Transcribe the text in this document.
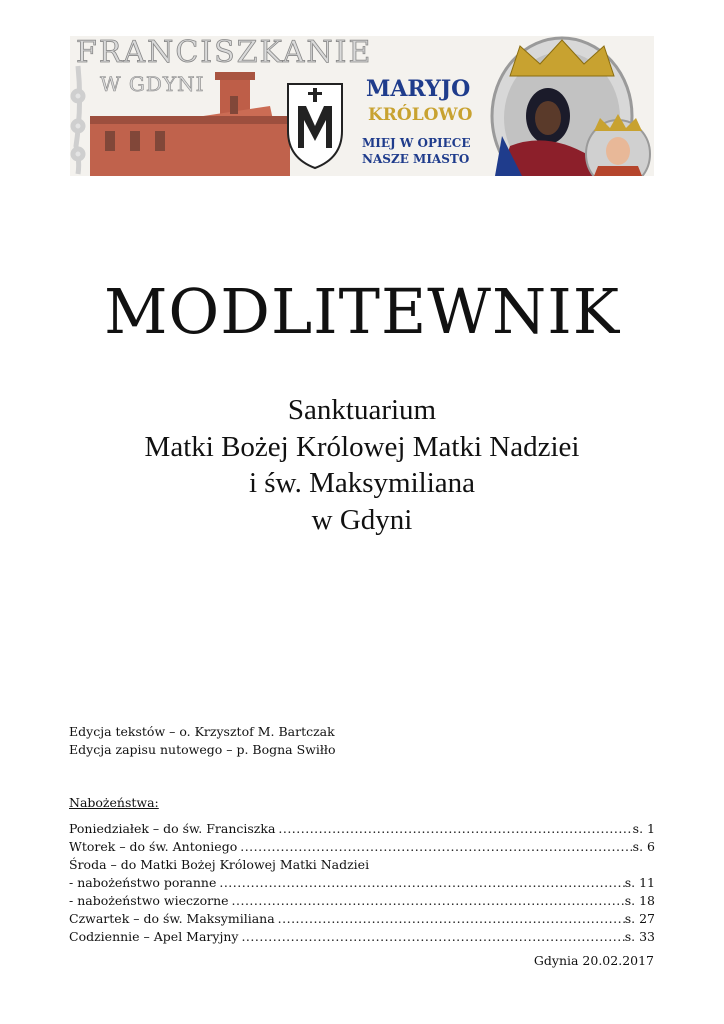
FRANCISZKANIE
W GDYNI	MARYJO
KRÓLOWO
MIEJ W OPIECE
NASZE MIASTO
MODLITEWNIK
Sanktuarium
Matki Bożej Królowej Matki Nadziei
i św. Maksymiliana
w Gdyni
Edycja tekstów – o. Krzysztof M. Bartczak
Edycja zapisu nutowego – p. Bogna Swiłło
Nabożeństwa:
Poniedziałek – do św. Franciszka .....	s. 1
Wtorek – do św. Antoniego .....	s. 6
Środa – do Matki Bożej Królowej Matki Nadziei
- nabożeństwo poranne .....	s. 11
- nabożeństwo wieczorne .....	s. 18
Czwartek – do św. Maksymiliana .....	s. 27
Codziennie – Apel Maryjny .....	s. 33
Gdynia 20.02.2017
